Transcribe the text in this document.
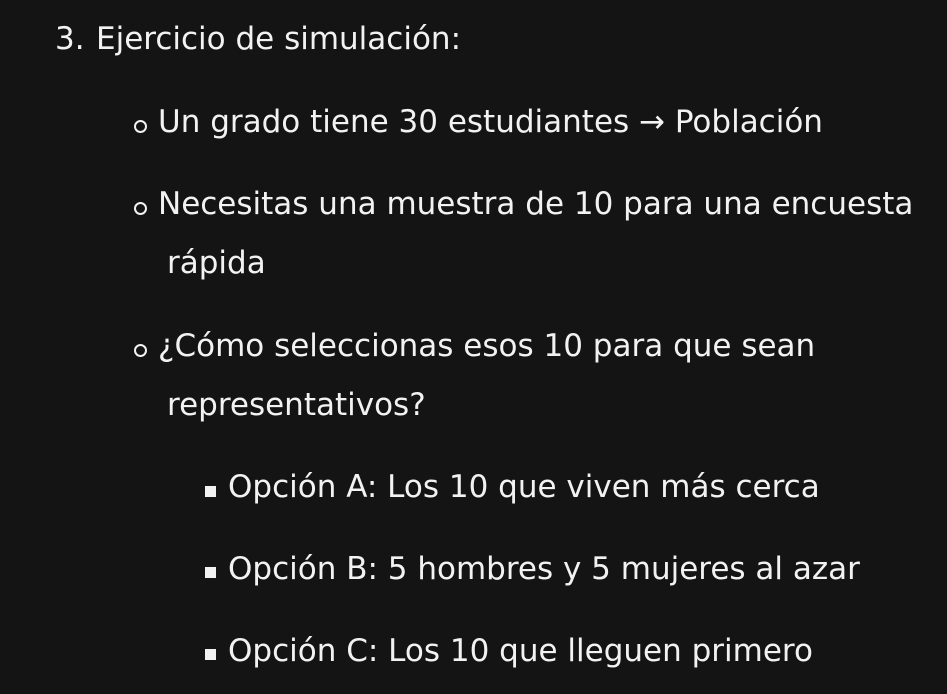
3. Ejercicio de simulación:
Un grado tiene 30 estudiantes → Población
Necesitas una muestra de 10 para una encuesta
rápida
¿Cómo seleccionas esos 10 para que sean
representativos?
Opción A: Los 10 que viven más cerca
Opción B: 5 hombres y 5 mujeres al azar
Opción C: Los 10 que lleguen primero
